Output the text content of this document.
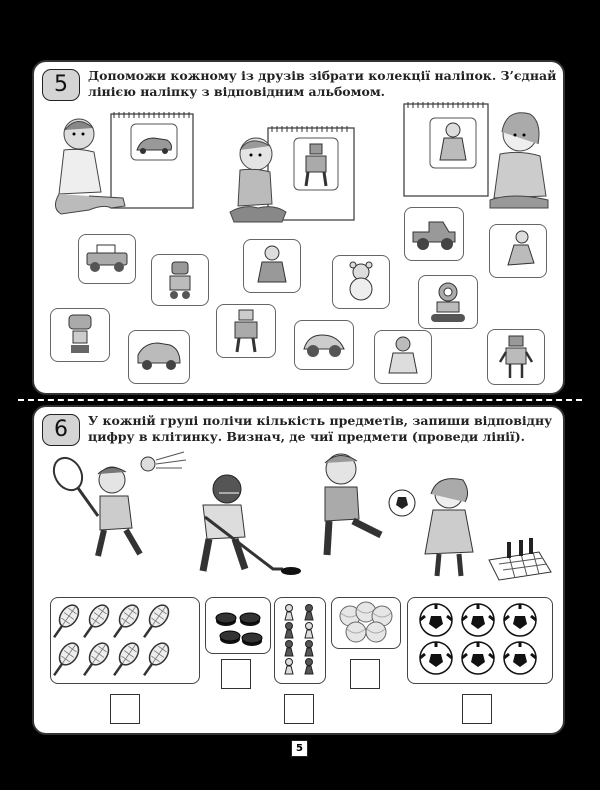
5	Допоможи кожному із друзів зібрати колекції наліпок. З’єднай лінією наліпку з відповідним альбомом.
6	У кожній групі полічи кількість предметів, запиши відповідну цифру в клітинку. Визнач, де чиї предмети (проведи лінії).
5
